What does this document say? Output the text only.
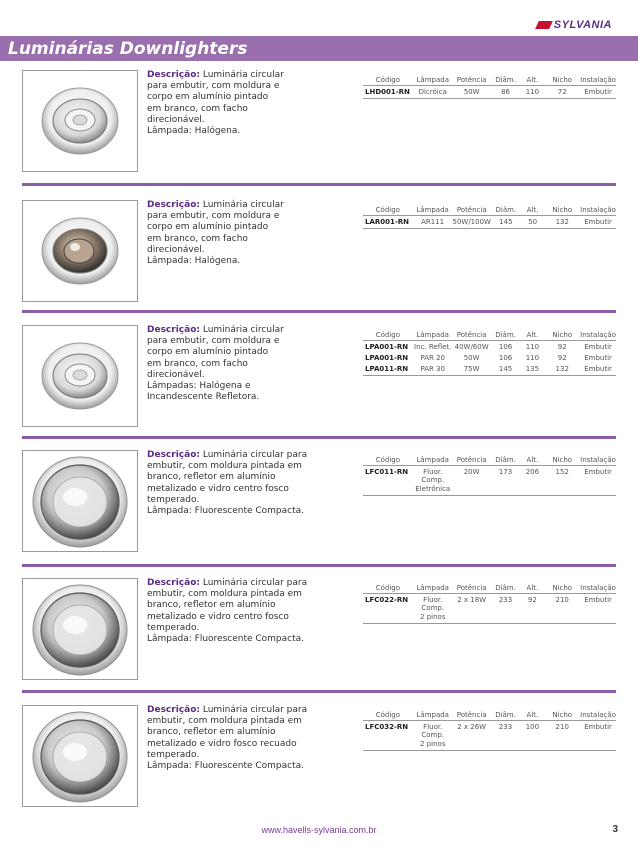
SYLVANIA
Luminárias Downlighters
Descrição: Luminária circular
para embutir, com moldura e
corpo em alumínio pintado
em branco, com facho
direcionável.
Lâmpada: Halógena.
Código	Lâmpada	Potência	Diâm.	Alt.	Nicho	Instalação
LHD001-RN	Dicróica	50W	86	110	72	Embutir
Descrição: Luminária circular
para embutir, com moldura e
corpo em alumínio pintado
em branco, com facho
direcionável.
Lâmpada: Halógena.
Código	Lâmpada	Potência	Diâm.	Alt.	Nicho	Instalação
LAR001-RN	AR111	50W/100W	145	50	132	Embutir
Descrição: Luminária circular
para embutir, com moldura e
corpo em alumínio pintado
em branco, com facho
direcionável.
Lâmpadas: Halógena e
Incandescente Refletora.
Código	Lâmpada	Potência	Diâm.	Alt.	Nicho	Instalação
LPA001-RN	Inc. Reflet.	40W/60W	106	110	92	Embutir
LPA001-RN	PAR 20	50W	106	110	92	Embutir
LPA011-RN	PAR 30	75W	145	135	132	Embutir
Descrição: Luminária circular para
embutir, com moldura pintada em
branco, refletor em alumínio
metalizado e vidro centro fosco
temperado.
Lâmpada: Fluorescente Compacta.
Código	Lâmpada	Potência	Diâm.	Alt.	Nicho	Instalação
LFC011-RN	Fluor. Comp.	20W	173	206	152	Embutir
	Eletrônica					
Descrição: Luminária circular para
embutir, com moldura pintada em
branco, refletor em alumínio
metalizado e vidro centro fosco
temperado.
Lâmpada: Fluorescente Compacta.
Código	Lâmpada	Potência	Diâm.	Alt.	Nicho	Instalação
LFC022-RN	Fluor. Comp.	2 x 18W	233	92	210	Embutir
	2 pinos					
Descrição: Luminária circular para
embutir, com moldura pintada em
branco, refletor em alumínio
metalizado e vidro fosco recuado
temperado.
Lâmpada: Fluorescente Compacta.
Código	Lâmpada	Potência	Diâm.	Alt.	Nicho	Instalação
LFC032-RN	Fluor. Comp.	2 x 26W	233	100	210	Embutir
	2 pinos					
www.havells-sylvania.com.br	3
